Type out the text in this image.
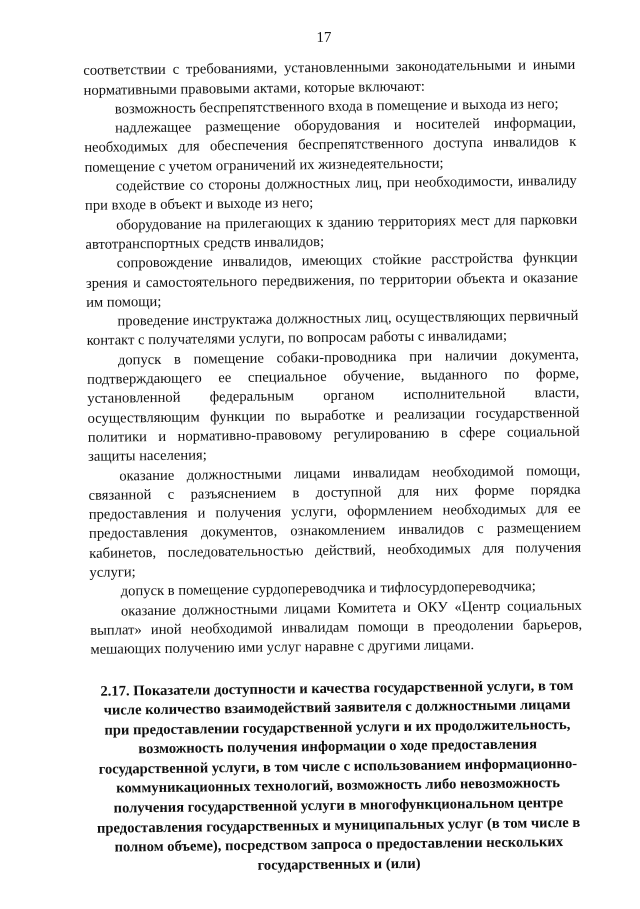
17

соответствии с требованиями, установленными законодательными и иными нормативными правовыми актами, которые включают:

возможность беспрепятственного входа в помещение и выхода из него;

надлежащее размещение оборудования и носителей информации, необходимых для обеспечения беспрепятственного доступа инвалидов к помещение с учетом ограничений их жизнедеятельности;

содействие со стороны должностных лиц, при необходимости, инвалиду при входе в объект и выходе из него;

оборудование на прилегающих к зданию территориях мест для парковки автотранспортных средств инвалидов;

сопровождение инвалидов, имеющих стойкие расстройства функции зрения и самостоятельного передвижения, по территории объекта и оказание им помощи;

проведение инструктажа должностных лиц, осуществляющих первичный контакт с получателями услуги, по вопросам работы с инвалидами;

допуск в помещение собаки-проводника при наличии документа, подтверждающего ее специальное обучение, выданного по форме, установленной федеральным органом исполнительной власти, осуществляющим функции по выработке и реализации государственной политики и нормативно-правовому регулированию в сфере социальной защиты населения;

оказание должностными лицами инвалидам необходимой помощи, связанной с разъяснением в доступной для них форме порядка предоставления и получения услуги, оформлением необходимых для ее предоставления документов, ознакомлением инвалидов с размещением кабинетов, последовательностью действий, необходимых для получения услуги;

допуск в помещение сурдопереводчика и тифлосурдопереводчика;

оказание должностными лицами Комитета и ОКУ «Центр социальных выплат» иной необходимой инвалидам помощи в преодолении барьеров, мешающих получению ими услуг наравне с другими лицами.

2.17. Показатели доступности и качества государственной услуги, в том числе количество взаимодействий заявителя с должностными лицами при предоставлении государственной услуги и их продолжительность, возможность получения информации о ходе предоставления государственной услуги, в том числе с использованием информационно-коммуникационных технологий, возможность либо невозможность получения государственной услуги в многофункциональном центре предоставления государственных и муниципальных услуг (в том числе в полном объеме), посредством запроса о предоставлении нескольких государственных и (или)
